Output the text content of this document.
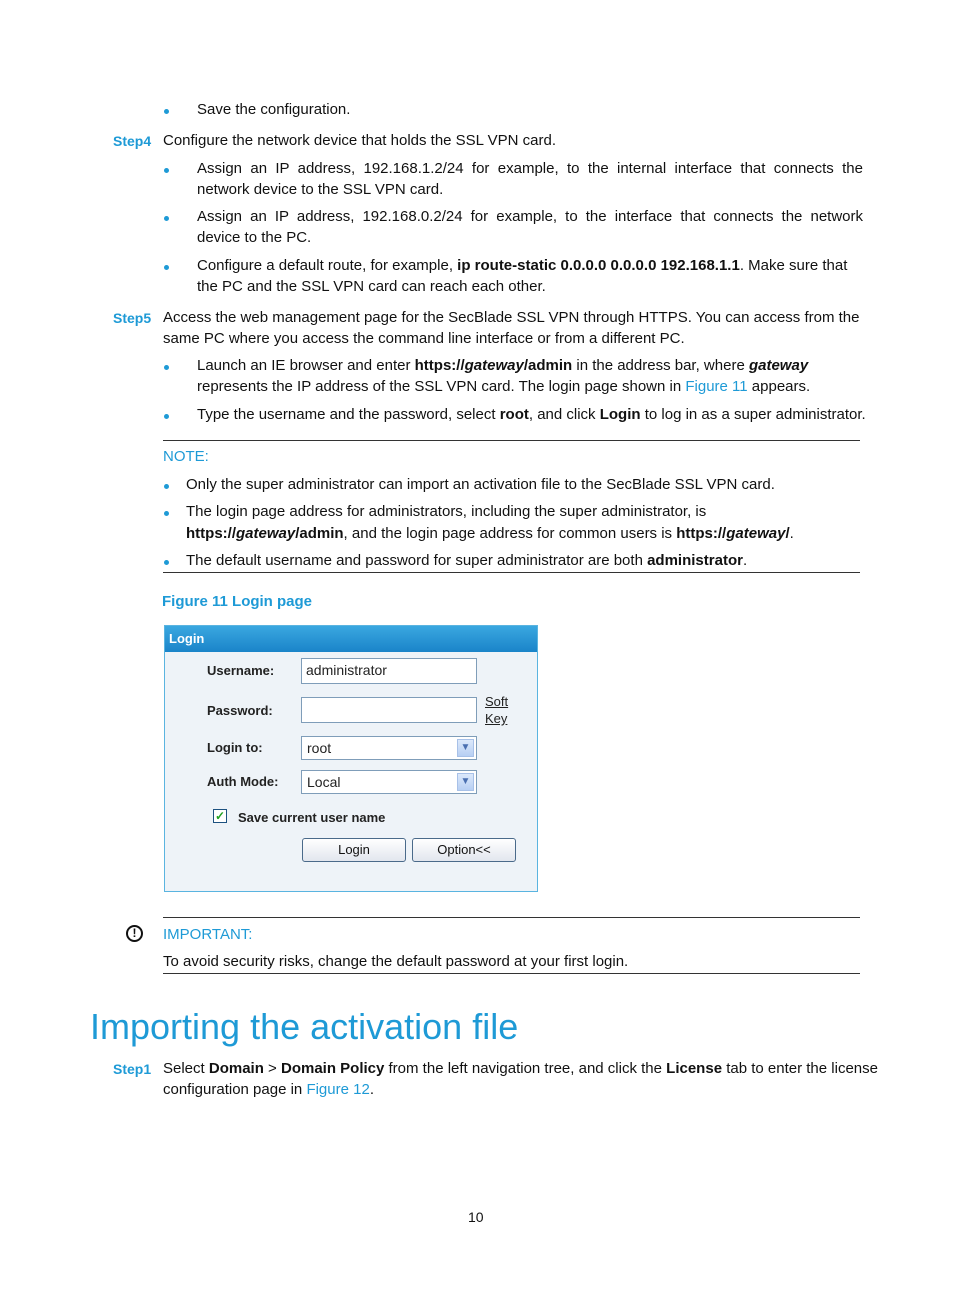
Save the configuration.
Step4 Configure the network device that holds the SSL VPN card.
Assign an IP address, 192.168.1.2/24 for example, to the internal interface that connects the
network device to the SSL VPN card.
Assign an IP address, 192.168.0.2/24 for example, to the interface that connects the network
device to the PC.
Configure a default route, for example, ip route-static 0.0.0.0 0.0.0.0 192.168.1.1. Make sure that
the PC and the SSL VPN card can reach each other.
Step5 Access the web management page for the SecBlade SSL VPN through HTTPS. You can access from the
same PC where you access the command line interface or from a different PC.
Launch an IE browser and enter https://gateway/admin in the address bar, where gateway
represents the IP address of the SSL VPN card. The login page shown in Figure 11 appears.
Type the username and the password, select root, and click Login to log in as a super administrator.
NOTE:
Only the super administrator can import an activation file to the SecBlade SSL VPN card.
The login page address for administrators, including the super administrator, is
https://gateway/admin, and the login page address for common users is https://gateway/.
The default username and password for super administrator are both administrator.
Figure 11 Login page
Login
Username:	administrator
Password:
Soft
Key
Login to:	root	▼
Auth Mode:	Local	▼
✓ Save current user name
Login	Option<<
!	IMPORTANT:
To avoid security risks, change the default password at your first login.
Importing the activation file
Step1 Select Domain > Domain Policy from the left navigation tree, and click the License tab to enter the license
configuration page in Figure 12.
10
